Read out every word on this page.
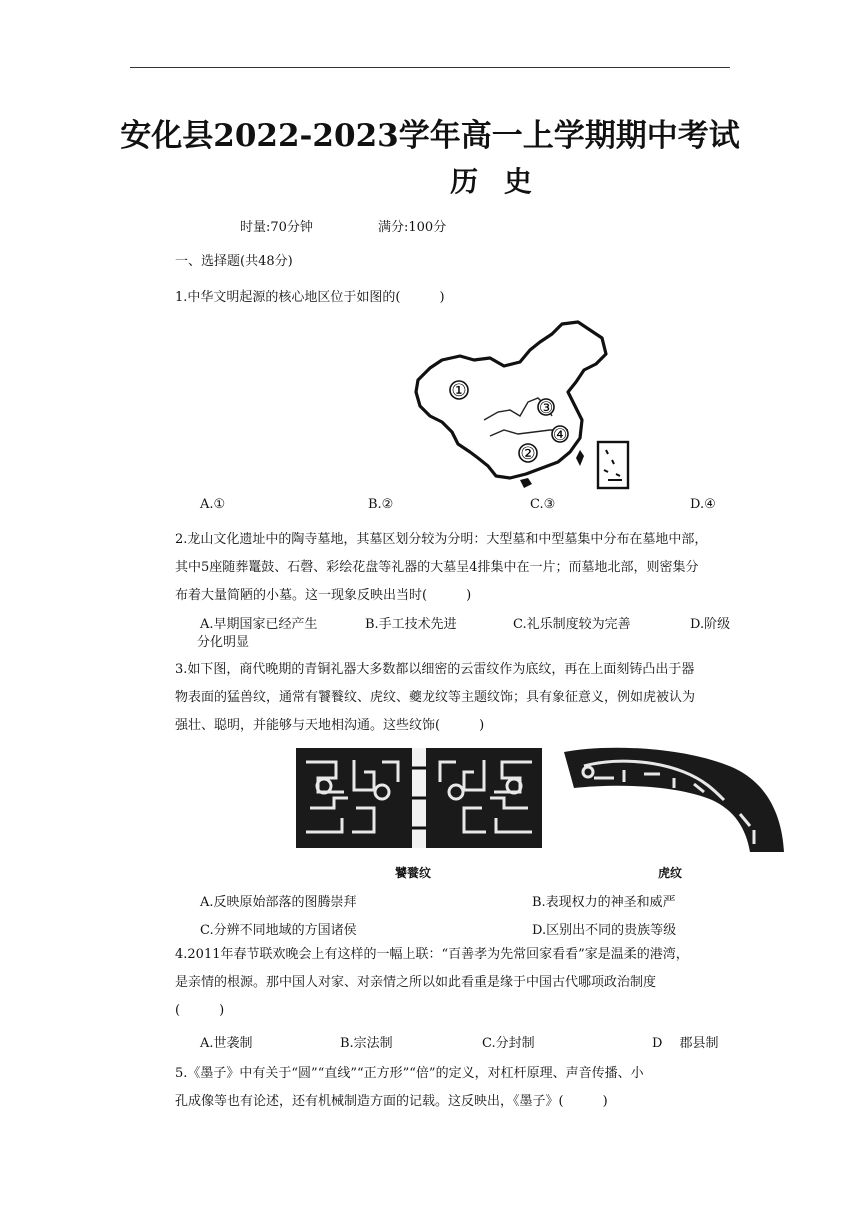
安化县2022-2023学年高一上学期期中考试
历 史
时量:70分钟	满分:100分
一、选择题(共48分)
1.中华文明起源的核心地区位于如图的(　　　)
①
②
③
④
A.①	B.②	C.③	D.④
2.龙山文化遗址中的陶寺墓地，其墓区划分较为分明：大型墓和中型墓集中分布在墓地中部，
其中5座随葬鼍鼓、石磬、彩绘花盘等礼器的大墓呈4排集中在一片；而墓地北部，则密集分
布着大量简陋的小墓。这一现象反映出当时(　　　)
A.早期国家已经产生	B.手工技术先进	C.礼乐制度较为完善	D.阶级
分化明显
3.如下图，商代晚期的青铜礼器大多数都以细密的云雷纹作为底纹，再在上面刻铸凸出于器
物表面的猛兽纹，通常有饕餮纹、虎纹、夔龙纹等主题纹饰；具有象征意义，例如虎被认为
强壮、聪明，并能够与天地相沟通。这些纹饰(　　　)
饕餮纹	虎纹
A.反映原始部落的图腾崇拜	B.表现权力的神圣和威严
C.分辨不同地域的方国诸侯	D.区别出不同的贵族等级
4.2011年春节联欢晚会上有这样的一幅上联：“百善孝为先常回家看看”家是温柔的港湾，
是亲情的根源。那中国人对家、对亲情之所以如此看重是缘于中国古代哪项政治制度
(　　　)
A.世袭制	B.宗法制	C.分封制	D　 郡县制
5.《墨子》中有关于“圆”“直线”“正方形”“倍”的定义，对杠杆原理、声音传播、小
孔成像等也有论述，还有机械制造方面的记载。这反映出，《墨子》(　　　)
